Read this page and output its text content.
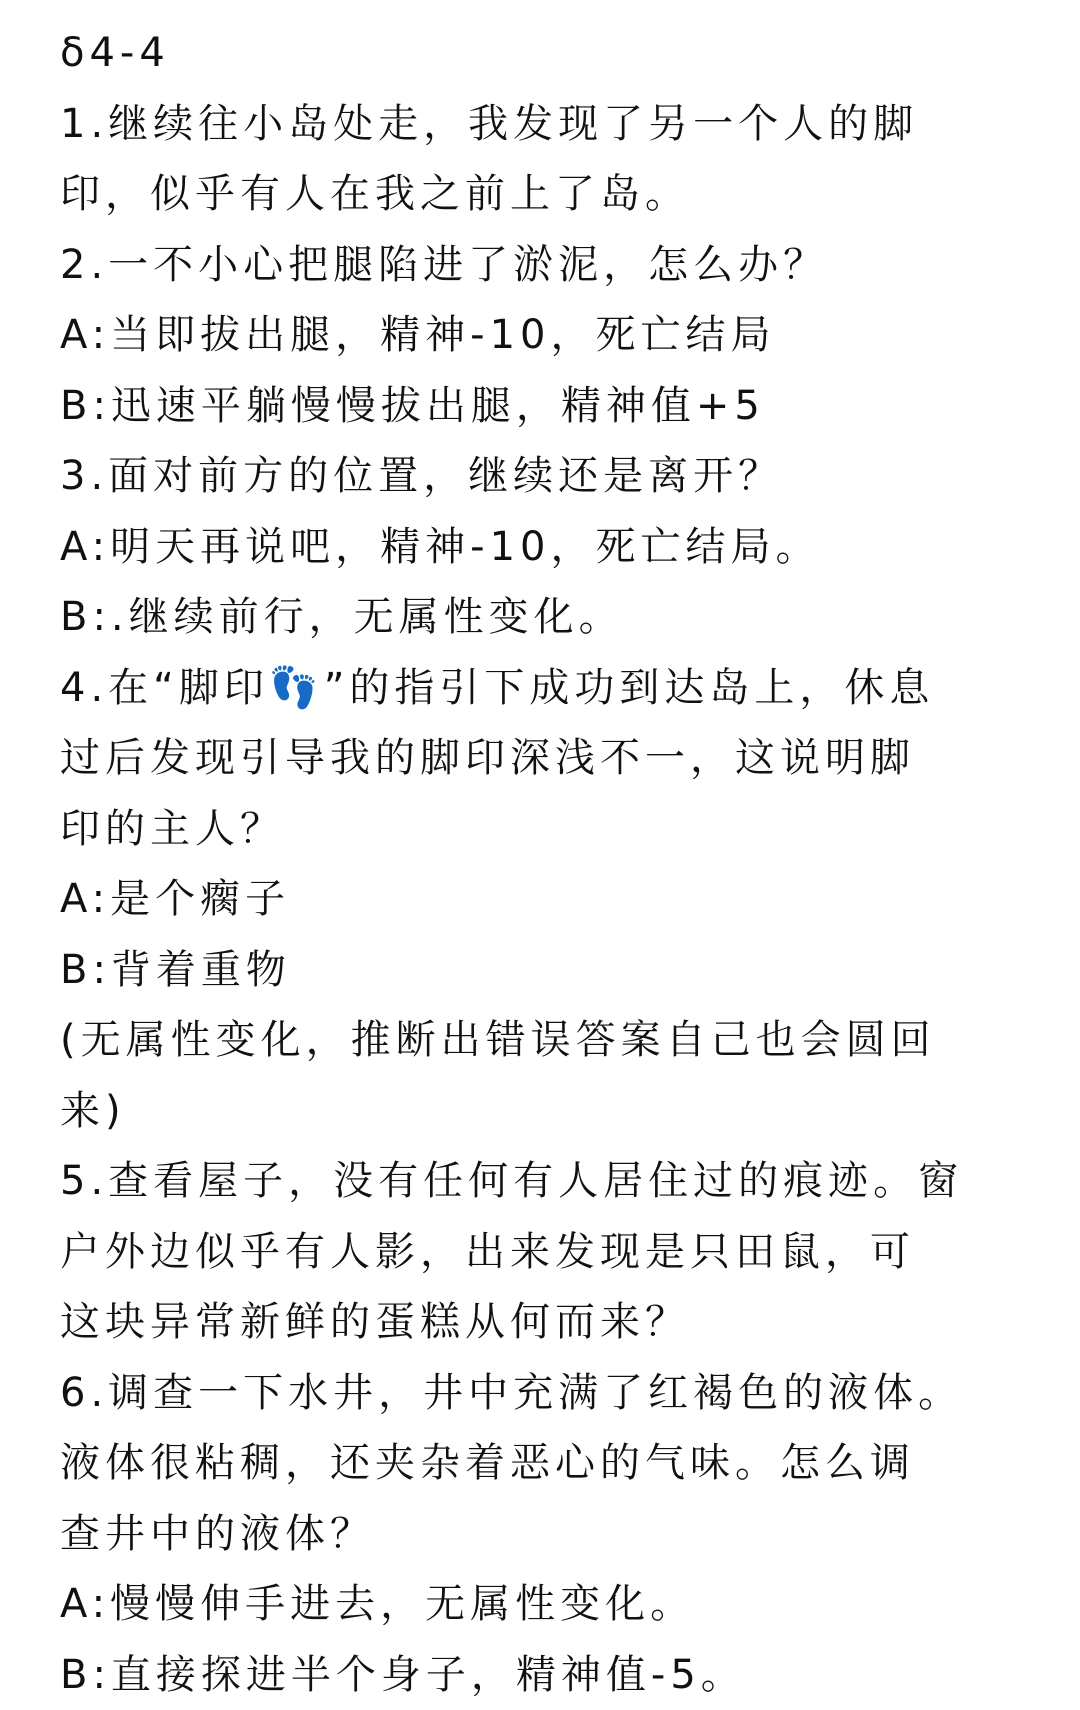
δ4-4
1.继续往小岛处走，我发现了另一个人的脚
印，似乎有人在我之前上了岛。
2.一不小心把腿陷进了淤泥，怎么办？
A:当即拔出腿，精神-10，死亡结局
B:迅速平躺慢慢拔出腿，精神值+5
3.面对前方的位置，继续还是离开？
A:明天再说吧，精神-10，死亡结局。
B:.继续前行，无属性变化。
4.在“脚印👣”的指引下成功到达岛上，休息
过后发现引导我的脚印深浅不一，这说明脚
印的主人？
A:是个瘸子
B:背着重物
(无属性变化，推断出错误答案自己也会圆回
来)
5.查看屋子，没有任何有人居住过的痕迹。窗
户外边似乎有人影，出来发现是只田鼠，可
这块异常新鲜的蛋糕从何而来？
6.调查一下水井，井中充满了红褐色的液体。
液体很粘稠，还夹杂着恶心的气味。怎么调
查井中的液体？
A:慢慢伸手进去，无属性变化。
B:直接探进半个身子，精神值-5。
